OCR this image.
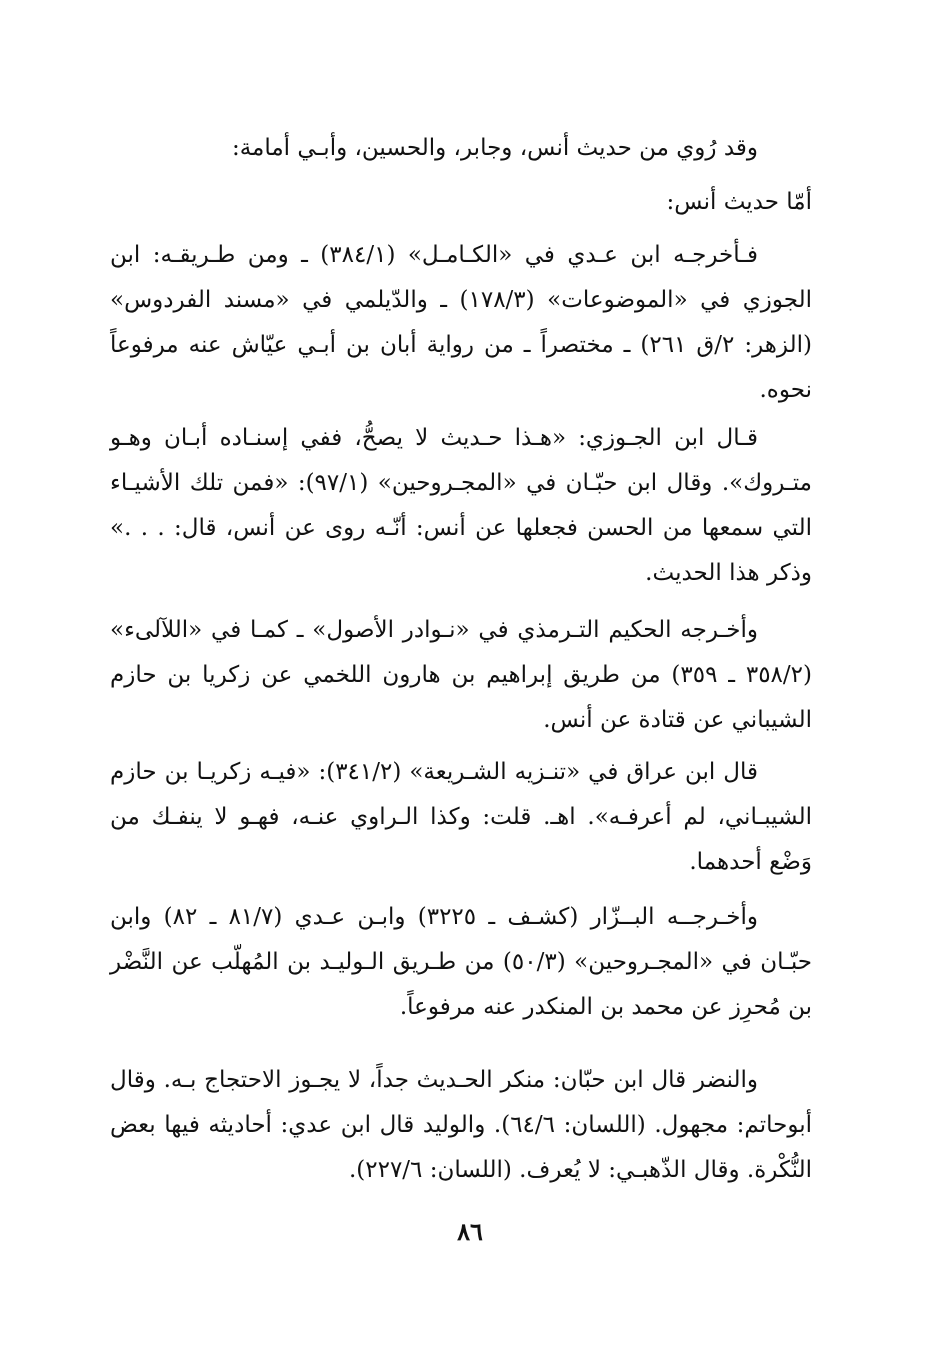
وقد رُوي من حديث أنس، وجابر، والحسين، وأبـي أمامة:

أمّا حديث أنس:

فـأخرجـه ابن عـدي في «الكـامـل» (٣٨٤/١) ـ ومن طـريقـه: ابن الجوزي في «الموضوعات» (١٧٨/٣) ـ والدّيلمي في «مسند الفردوس» (الزهر: ٢/ق ٢٦١) ـ مختصراً ـ من رواية أبان بن أبـي عيّاش عنه مرفوعاً نحوه.

قـال ابن الجـوزي: «هـذا حـديث لا يصحُّ، ففي إسنـاده أبـان وهـو متـروك». وقال ابن حبّـان في «المجـروحين» (٩٧/١): «فمن تلك الأشيـاء التي سمعها من الحسن فجعلها عن أنس: أنّـه روى عن أنس، قال: . . .» وذكر هذا الحديث.

وأخـرجه الحكيم التـرمذي في «نـوادر الأصول» ـ كمـا في «اللآلىء» (٣٥٨/٢ ـ ٣٥٩) من طريق إبراهيم بن هارون اللخمي عن زكريا بن حازم الشيباني عن قتادة عن أنس.

قال ابن عراق في «تنـزيه الشـريعة» (٣٤١/٢): «فيـه زكريـا بن حازم الشيبـاني، لم أعرفـه». اهـ. قلت: وكذا الـراوي عنـه، فهـو لا ينفـك من وَضْع أحدهما.

وأخـرجــه البــزّار (كشـف ـ ٣٢٢٥) وابـن عـدي (٨١/٧ ـ ٨٢) وابن حبّـان في «المجـروحين» (٥٠/٣) من طـريق الـوليـد بن المُهلّب عن النَّضْر بن مُحرِز عن محمد بن المنكدر عنه مرفوعاً.

والنضر قال ابن حبّان: منكر الحـديث جداً، لا يجـوز الاحتجاج بـه. وقال أبوحاتم: مجهول. (اللسان: ٦٤/٦). والوليد قال ابن عدي: أحاديثه فيها بعض النُّكْرة. وقال الذّهبـي: لا يُعرف. (اللسان: ٢٢٧/٦).

٨٦
